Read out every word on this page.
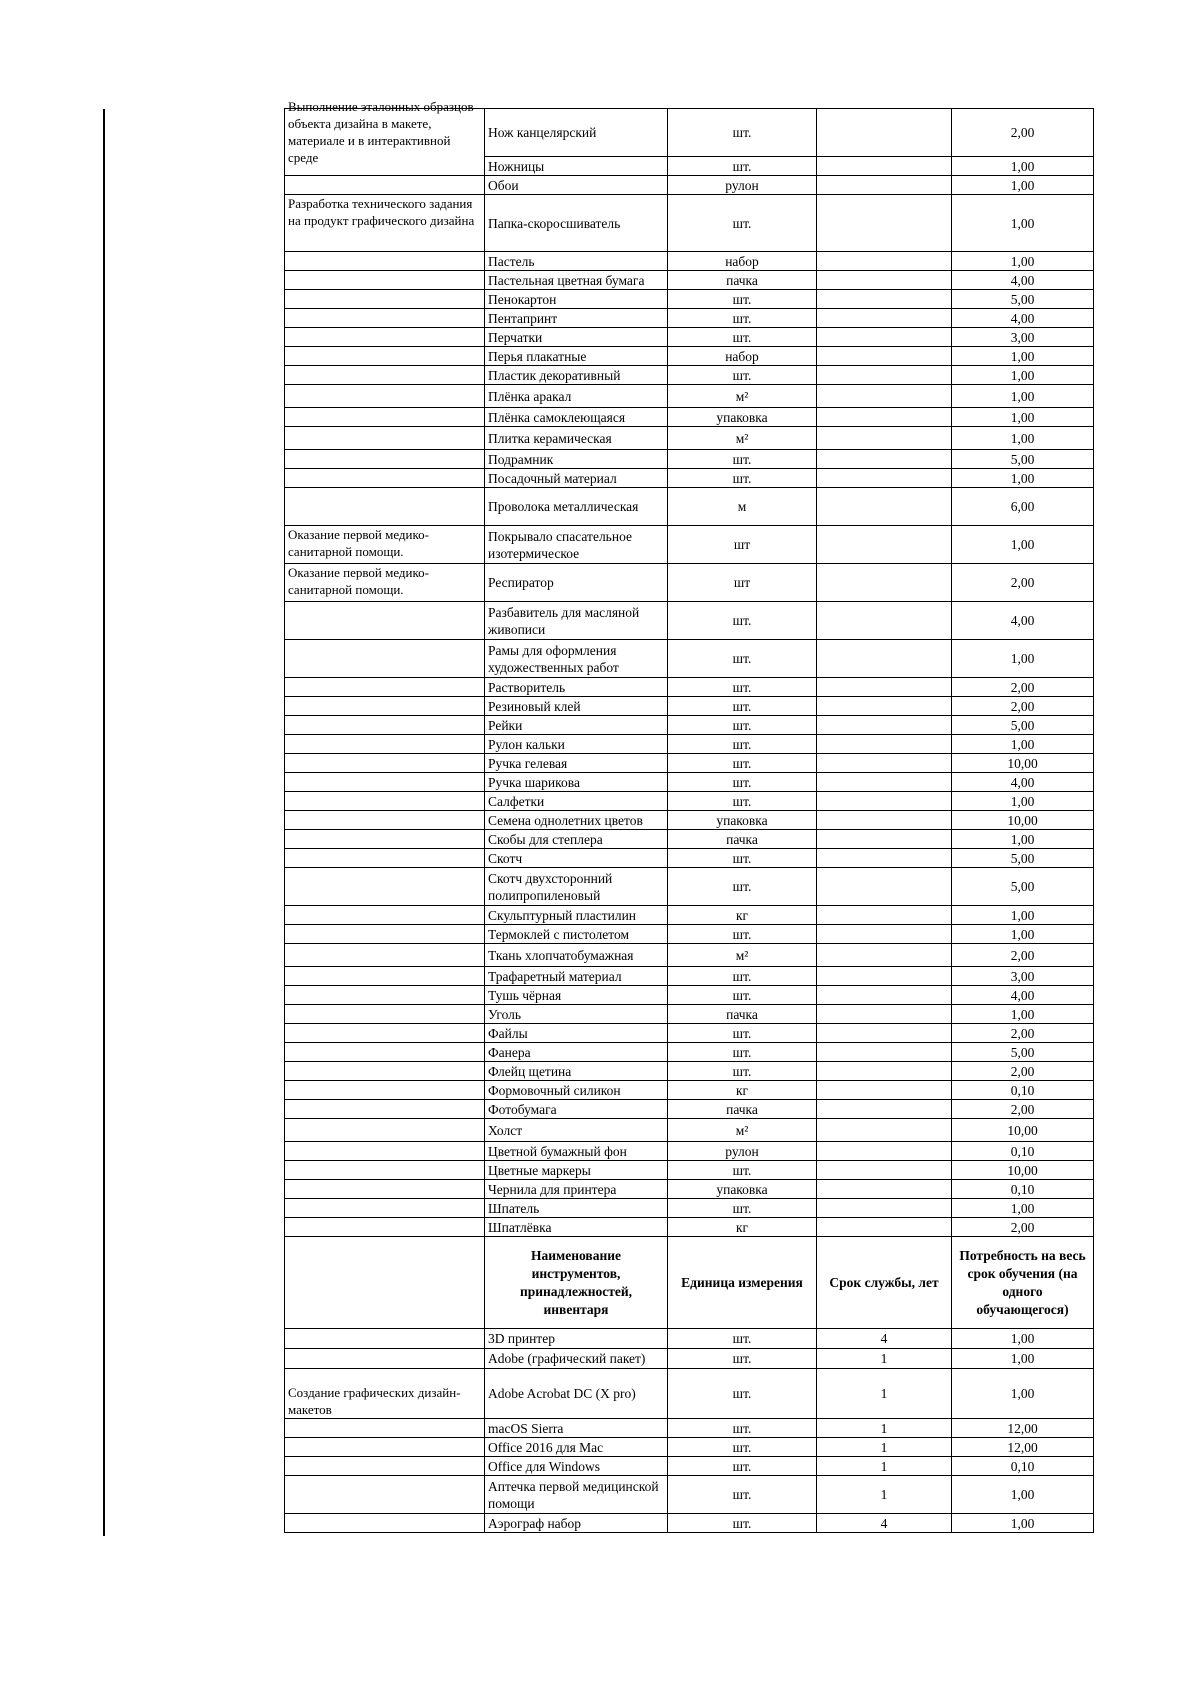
Выполнение эталонных образцов объекта дизайна в макете, материале и в интерактивной среде	Нож канцелярский	шт.		2,00
	Ножницы	шт.		1,00
	Обои	рулон		1,00
Разработка технического задания на продукт графического дизайна	Папка-скоросшиватель	шт.		1,00
	Пастель	набор		1,00
	Пастельная цветная бумага	пачка		4,00
	Пенокартон	шт.		5,00
	Пентапринт	шт.		4,00
	Перчатки	шт.		3,00
	Перья плакатные	набор		1,00
	Пластик декоративный	шт.		1,00
	Плёнка аракал	м²		1,00
	Плёнка самоклеющаяся	упаковка		1,00
	Плитка керамическая	м²		1,00
	Подрамник	шт.		5,00
	Посадочный материал	шт.		1,00
	Проволока металлическая	м		6,00
Оказание первой медико-санитарной помощи.	Покрывало спасательное изотермическое	шт		1,00
Оказание первой медико-санитарной помощи.	Респиратор	шт		2,00
	Разбавитель для масляной живописи	шт.		4,00
	Рамы для оформления художественных работ	шт.		1,00
	Растворитель	шт.		2,00
	Резиновый клей	шт.		2,00
	Рейки	шт.		5,00
	Рулон кальки	шт.		1,00
	Ручка гелевая	шт.		10,00
	Ручка шарикова	шт.		4,00
	Салфетки	шт.		1,00
	Семена однолетних цветов	упаковка		10,00
	Скобы для степлера	пачка		1,00
	Скотч	шт.		5,00
	Скотч двухсторонний полипропиленовый	шт.		5,00
	Скульптурный пластилин	кг		1,00
	Термоклей с пистолетом	шт.		1,00
	Ткань хлопчатобумажная	м²		2,00
	Трафаретный материал	шт.		3,00
	Тушь чёрная	шт.		4,00
	Уголь	пачка		1,00
	Файлы	шт.		2,00
	Фанера	шт.		5,00
	Флейц щетина	шт.		2,00
	Формовочный силикон	кг		0,10
	Фотобумага	пачка		2,00
	Холст	м²		10,00
	Цветной бумажный фон	рулон		0,10
	Цветные маркеры	шт.		10,00
	Чернила для принтера	упаковка		0,10
	Шпатель	шт.		1,00
	Шпатлёвка	кг		2,00
	Наименование инструментов, принадлежностей, инвентаря	Единица измерения	Срок службы, лет	Потребность на весь срок обучения (на одного обучающегося)
	3D принтер	шт.	4	1,00
	Adobe (графический пакет)	шт.	1	1,00
Создание графических дизайн-макетов	Adobe Acrobat DC (X pro)	шт.	1	1,00
	macOS Sierra	шт.	1	12,00
	Office 2016 для Mac	шт.	1	12,00
	Office для Windows	шт.	1	0,10
	Аптечка первой медицинской помощи	шт.	1	1,00
	Аэрограф набор	шт.	4	1,00
